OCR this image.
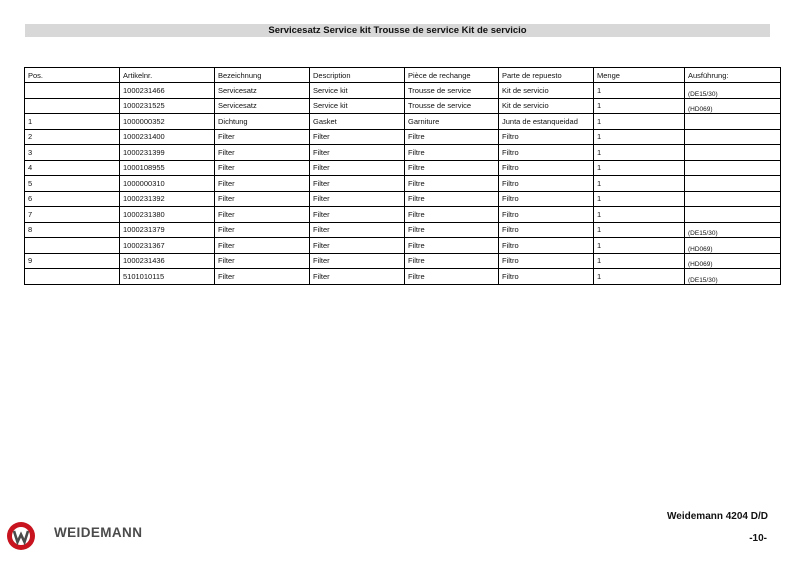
Servicesatz Service kit Trousse de service Kit de servicio
Pos.	Artikelnr.	Bezeichnung	Description	Pièce de rechange	Parte de repuesto	Menge	Ausführung:
	1000231466	Servicesatz	Service kit	Trousse de service	Kit de servicio	1	(DE15/30)
	1000231525	Servicesatz	Service kit	Trousse de service	Kit de servicio	1	(HD069)
1	1000000352	Dichtung	Gasket	Garniture	Junta de estanqueidad	1	
2	1000231400	Filter	Filter	Filtre	Filtro	1	
3	1000231399	Filter	Filter	Filtre	Filtro	1	
4	1000108955	Filter	Filter	Filtre	Filtro	1	
5	1000000310	Filter	Filter	Filtre	Filtro	1	
6	1000231392	Filter	Filter	Filtre	Filtro	1	
7	1000231380	Filter	Filter	Filtre	Filtro	1	
8	1000231379	Filter	Filter	Filtre	Filtro	1	(DE15/30)
	1000231367	Filter	Filter	Filtre	Filtro	1	(HD069)
9	1000231436	Filter	Filter	Filtre	Filtro	1	(HD069)
	5101010115	Filter	Filter	Filtre	Filtro	1	(DE15/30)
WEIDEMANN
Weidemann 4204 D/D
-10-
